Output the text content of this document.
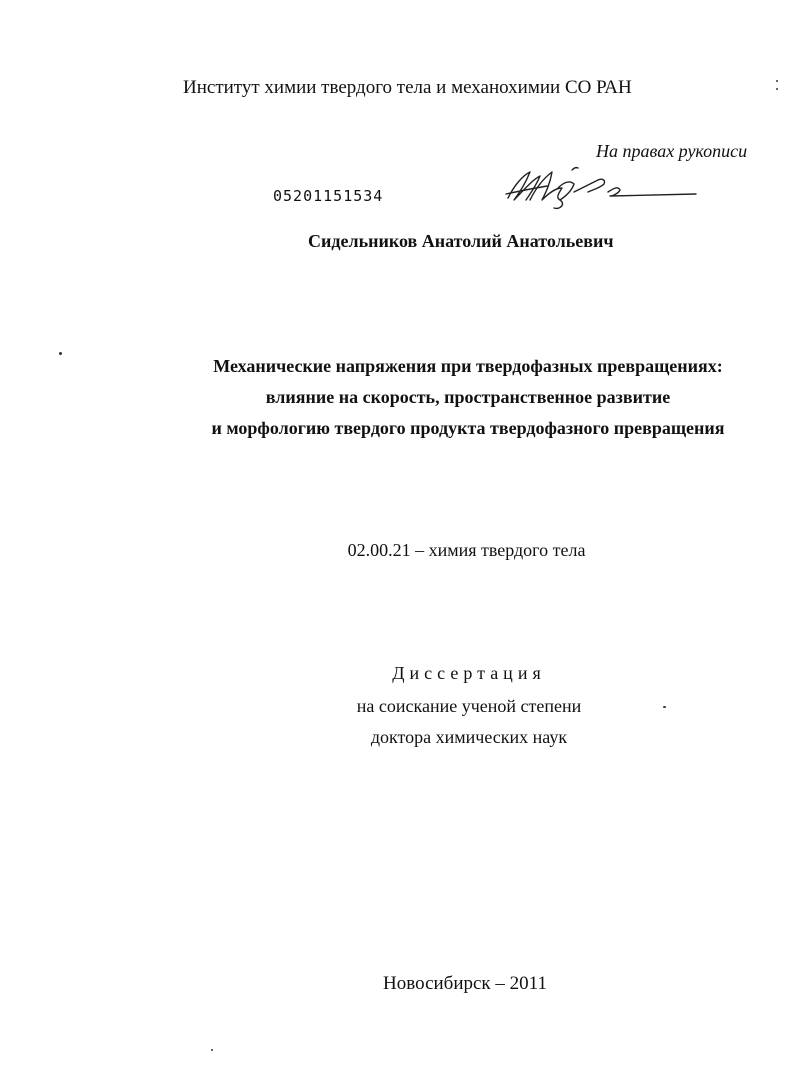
Институт химии твердого тела и механохимии СО РАН
На правах рукописи
05201151534
Сидельников Анатолий Анатольевич
Механические напряжения при твердофазных превращениях:
влияние на скорость, пространственное развитие
и морфологию твердого продукта твердофазного превращения
02.00.21 – химия твердого тела
Диссертация
на соискание ученой степени
доктора химических наук
Новосибирск – 2011
